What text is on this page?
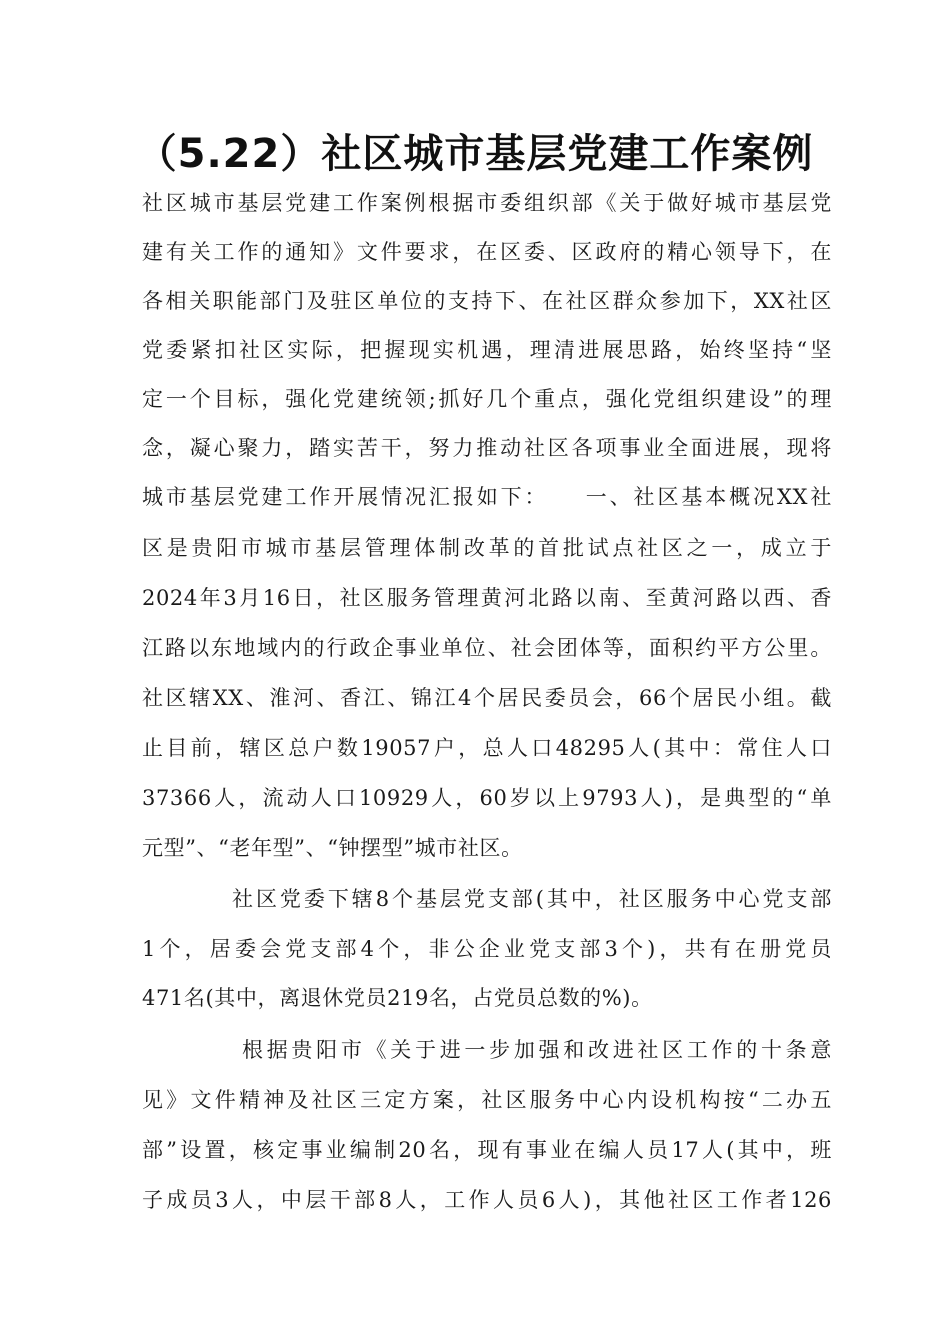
（5.22）社区城市基层党建工作案例

社区城市基层党建工作案例根据市委组织部《关于做好城市基层党

建有关工作的通知》文件要求，在区委、区政府的精心领导下，在

各相关职能部门及驻区单位的支持下、在社区群众参加下，XX社区

党委紧扣社区实际，把握现实机遇，理清进展思路，始终坚持“坚

定一个目标，强化党建统领;抓好几个重点，强化党组织建设”的理

念，凝心聚力，踏实苦干，努力推动社区各项事业全面进展，现将

城市基层党建工作开展情况汇报如下：　　一、社区基本概况XX社

区是贵阳市城市基层管理体制改革的首批试点社区之一，成立于

2024年3月16日，社区服务管理黄河北路以南、至黄河路以西、香

江路以东地域内的行政企事业单位、社会团体等，面积约平方公里。

社区辖XX、淮河、香江、锦江4个居民委员会，66个居民小组。截

止目前，辖区总户数19057户，总人口48295人(其中：常住人口

37366人，流动人口10929人，60岁以上9793人)，是典型的“单

元型”、“老年型”、“钟摆型”城市社区。

社区党委下辖8个基层党支部(其中，社区服务中心党支部

1个，居委会党支部4个，非公企业党支部3个)，共有在册党员

471名(其中，离退休党员219名，占党员总数的%)。

根据贵阳市《关于进一步加强和改进社区工作的十条意

见》文件精神及社区三定方案，社区服务中心内设机构按“二办五

部”设置，核定事业编制20名，现有事业在编人员17人(其中，班

子成员3人，中层干部8人，工作人员6人)，其他社区工作者126
